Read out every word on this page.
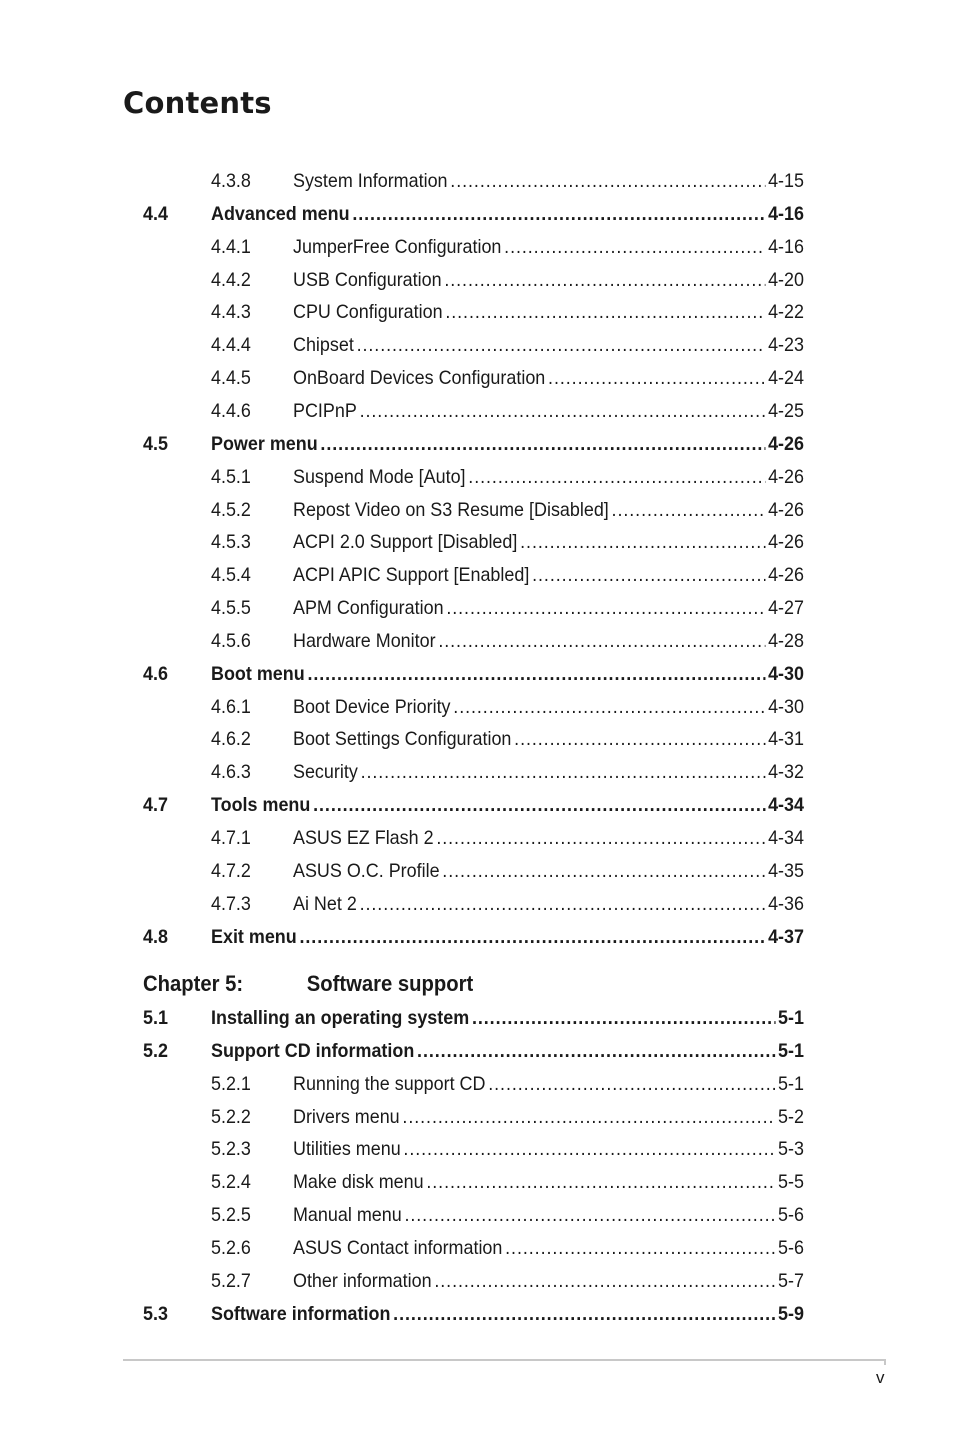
Contents
4.3.8 System Information .....	4-15
4.4 Advanced menu .....	4-16
4.4.1 JumperFree Configuration .....	4-16
4.4.2 USB Configuration .....	4-20
4.4.3 CPU Configuration .....	4-22
4.4.4 Chipset .....	4-23
4.4.5 OnBoard Devices Configuration .....	4-24
4.4.6 PCIPnP .....	4-25
4.5 Power menu .....	4-26
4.5.1 Suspend Mode [Auto] .....	4-26
4.5.2 Repost Video on S3 Resume [Disabled] .....	4-26
4.5.3 ACPI 2.0 Support [Disabled] .....	4-26
4.5.4 ACPI APIC Support [Enabled] .....	4-26
4.5.5 APM Configuration .....	4-27
4.5.6 Hardware Monitor .....	4-28
4.6 Boot menu .....	4-30
4.6.1 Boot Device Priority .....	4-30
4.6.2 Boot Settings Configuration .....	4-31
4.6.3 Security .....	4-32
4.7 Tools menu .....	4-34
4.7.1 ASUS EZ Flash 2 .....	4-34
4.7.2 ASUS O.C. Profile .....	4-35
4.7.3 Ai Net 2 .....	4-36
4.8 Exit menu .....	4-37
5.1 Installing an operating system .....	5-1
5.2 Support CD information .....	5-1
5.2.1 Running the support CD .....	5-1
5.2.2 Drivers menu .....	5-2
5.2.3 Utilities menu .....	5-3
5.2.4 Make disk menu .....	5-5
5.2.5 Manual menu .....	5-6
5.2.6 ASUS Contact information .....	5-6
5.2.7 Other information .....	5-7
5.3 Software information .....	5-9
Chapter 5:	Software support
v
